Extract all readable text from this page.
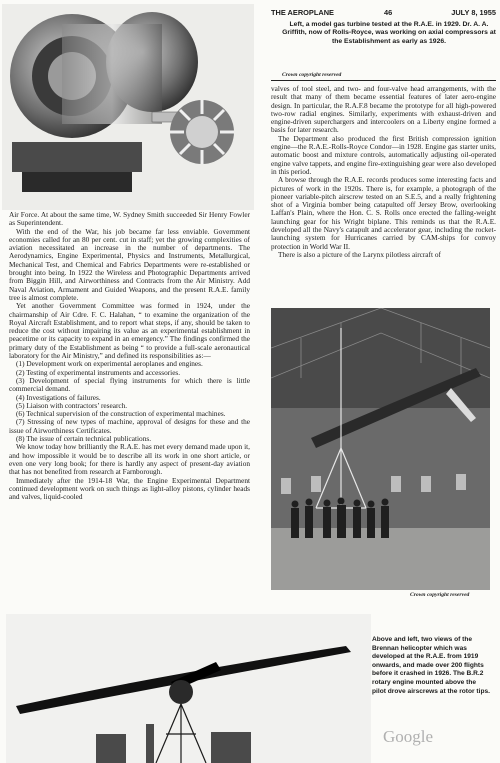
THE AEROPLANE	46	JULY 8, 1955
Left, a model gas turbine tested at the R.A.E. in 1929. Dr. A. A. Griffith, now of Rolls-Royce, was working on axial compressors at the Establishment as early as 1926.
Crown copyright reserved

Air Force. At about the same time, W. Sydney Smith succeeded Sir Henry Fowler as Superintendent.

With the end of the War, his job became far less enviable. Government economies called for an 80 per cent. cut in staff; yet the growing complexities of aviation necessitated an increase in the number of departments. The Aerodynamics, Engine Experimental, Physics and Instruments, Metallurgical, Mechanical Test, and Chemical and Fabrics Departments were re-established or brought into being. In 1922 the Wireless and Photographic Departments arrived from Biggin Hill, and Airworthiness and Contracts from the Air Ministry. Add Naval Aviation, Armament and Guided Weapons, and the present R.A.E. family tree is almost complete.

Yet another Government Committee was formed in 1924, under the chairmanship of Air Cdre. F. C. Halahan, “ to examine the organization of the Royal Aircraft Establishment, and to report what steps, if any, should be taken to reduce the cost without impairing its value as an experimental establishment in peacetime or its capacity to expand in an emergency.” The findings confirmed the primary duty of the Establishment as being “ to provide a full-scale aeronautical laboratory for the Air Ministry,” and defined its responsibilities as:—

(1) Development work on experimental aeroplanes and engines.

(2) Testing of experimental instruments and accessories.

(3) Development of special flying instruments for which there is little commercial demand.

(4) Investigations of failures.

(5) Liaison with contractors’ research.

(6) Technical supervision of the construction of experimental machines.

(7) Stressing of new types of machine, approval of designs for these and the issue of Airworthiness Certificates.

(8) The issue of certain technical publications.

We know today how brilliantly the R.A.E. has met every demand made upon it, and how impossible it would be to describe all its work in one short article, or even one very long book; for there is hardly any aspect of present-day aviation that has not benefited from research at Farnborough.

Immediately after the 1914-18 War, the Engine Experimental Department continued development work on such things as light-alloy pistons, cylinder heads and valves, liquid-cooled

valves of tool steel, and two- and four-valve head arrangements, with the result that many of them became essential features of later aero-engine design. In particular, the R.A.F.8 became the prototype for all high-powered two-row radial engines. Similarly, experiments with exhaust-driven and engine-driven superchargers and intercoolers on a Liberty engine formed a basis for later research.

The Department also produced the first British compression ignition engine—the R.A.E.-Rolls-Royce Condor—in 1928. Engine gas starter units, automatic boost and mixture controls, automatically adjusting oil-operated engine valve tappets, and engine fire-extinguishing gear were also developed in this period.

A browse through the R.A.E. records produces some interesting facts and pictures of work in the 1920s. There is, for example, a photograph of the pioneer variable-pitch airscrew tested on an S.E.5, and a really frightening shot of a Virginia bomber being catapulted off Jersey Brow, overlooking Laffan's Plain, where the Hon. C. S. Rolls once erected the falling-weight launching gear for his Wright biplane. This reminds us that the R.A.E. developed all the Navy's catapult and accelerator gear, including the rocket-launching system for Hurricanes carried by CAM-ships for convoy protection in World War II.

There is also a picture of the Larynx pilotless aircraft of

Crown copyright reserved
Above and left, two views of the Brennan helicopter which was developed at the R.A.E. from 1919 onwards, and made over 200 flights before it crashed in 1926. The B.R.2 rotary engine mounted above the pilot drove airscrews at the rotor tips.
Google
